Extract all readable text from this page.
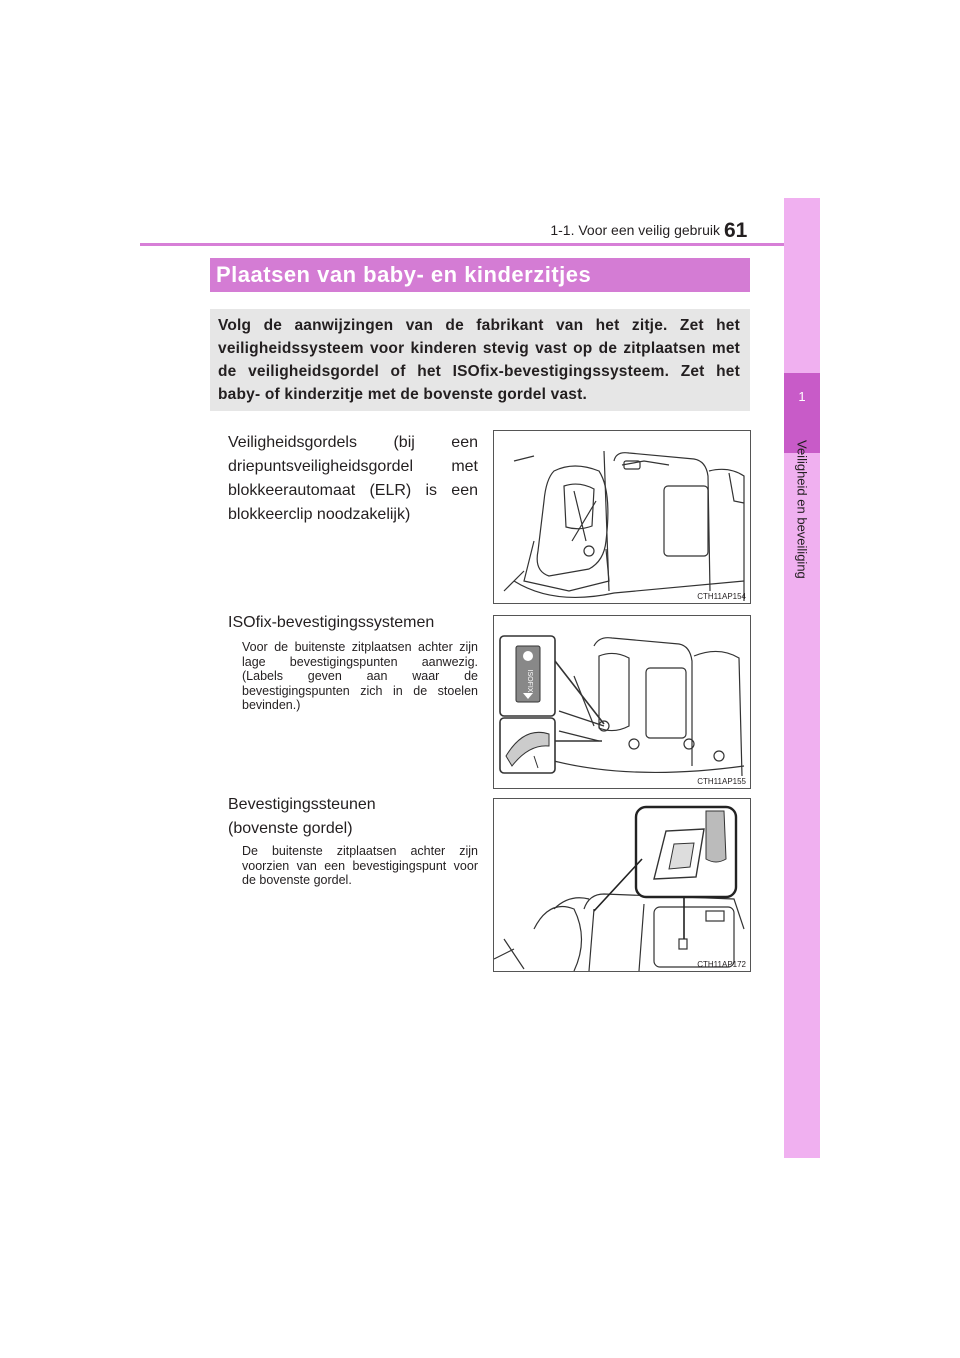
1-1. Voor een veilig gebruik 61
1
Veiligheid en beveiliging
Plaatsen van baby- en kinderzitjes
Volg de aanwijzingen van de fabrikant van het zitje. Zet het veiligheidssysteem voor kinderen stevig vast op de zitplaatsen met de veiligheidsgordel of het ISOfix-bevestigingssysteem. Zet het baby- of kinderzitje met de bovenste gordel vast.
Veiligheidsgordels (bij een driepuntsveiligheidsgordel met blokkeerautomaat (ELR) is een blokkeerclip noodzakelijk)
CTH11AP154
ISOfix-bevestigingssystemen
Voor de buitenste zitplaatsen achter zijn lage bevestigingspunten aanwezig. (Labels geven aan waar de bevestigingspunten zich in de stoelen bevinden.)
ISOFIX
CTH11AP155
Bevestigingssteunen (bovenste gordel)
De buitenste zitplaatsen achter zijn voorzien van een bevestigingspunt voor de bovenste gordel.
CTH11AP172
